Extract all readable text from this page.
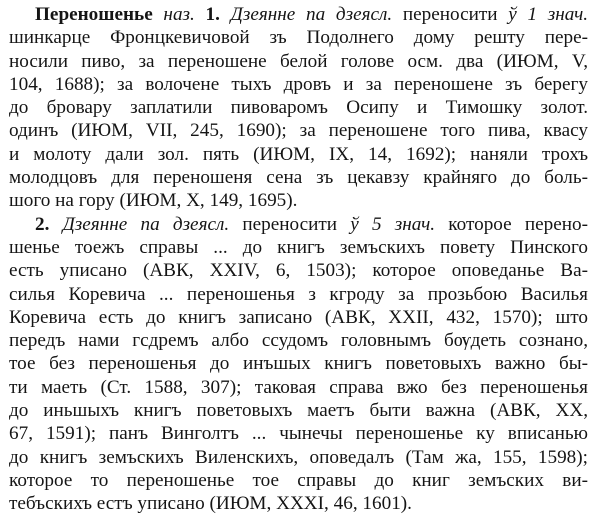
Переношенье наз. 1. Дзеянне па дзеясл. переносити ў 1 знач.
шинкарце Фронцкевичовой зъ Подолнего дому решту пере-
носили пиво, за переношене белой голове осм. два (ИЮМ, V,
104, 1688); за волочене тыхъ дровъ и за переношене зъ берегу
до бровару заплатили пивоваромъ Осипу и Тимошку золот.
одинъ (ИЮМ, VII, 245, 1690); за переношене того пива, квасу
и молоту дали зол. пять (ИЮМ, IX, 14, 1692); наняли трохъ
молодцовъ для переношеня сена зъ цекавзу крайняго до боль-
шого на гору (ИЮМ, X, 149, 1695).
2. Дзеянне па дзеясл. переносити ў 5 знач. которое перено-
шенье тоежъ справы ... до книгъ земъскихъ повету Пинского
есть уписано (АВК, XXIV, 6, 1503); которое оповеданье Ва-
силья Коревича ... переношенья з кгроду за прозьбою Василья
Коревича есть до книгъ записано (АВК, XXII, 432, 1570); што
передъ нами гсдремъ албо ссудомъ головнымъ бѹдеть сознано,
тое без переношенья до инъшых книгъ поветовыхъ важно бы-
ти маеть (Ст. 1588, 307); таковая справа вжо без переношенья
до иньшыхъ книгъ поветовыхъ маетъ быти важна (АВК, XX,
67, 1591); панъ Винголтъ ... чынечы переношенье ку вписанью
до книгъ земъскихъ Виленскихъ, оповедалъ (Там жа, 155, 1598);
которое то переношенье тое справы до книг земъских ви-
тебъскихъ естъ уписано (ИЮМ, XXXI, 46, 1601).
